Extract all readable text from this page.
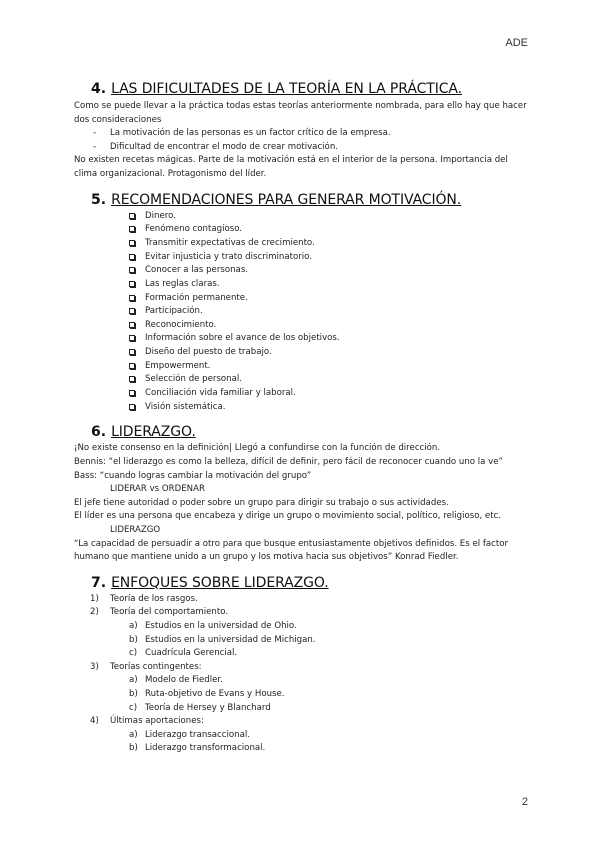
ADE
4. LAS DIFICULTADES DE LA TEORÍA EN LA PRÁCTICA.

Como se puede llevar a la práctica todas estas teorías anteriormente nombrada, para ello hay que hacer dos consideraciones

- La motivación de las personas es un factor crítico de la empresa.
- Dificultad de encontrar el modo de crear motivación.

No existen recetas mágicas. Parte de la motivación está en el interior de la persona. Importancia del clima organizacional. Protagonismo del líder.

5. RECOMENDACIONES PARA GENERAR MOTIVACIÓN.
Dinero.
Fenómeno contagioso.
Transmitir expectativas de crecimiento.
Evitar injusticia y trato discriminatorio.
Conocer a las personas.
Las reglas claras.
Formación permanente.
Participación.
Reconocimiento.
Información sobre el avance de los objetivos.
Diseño del puesto de trabajo.
Empowerment.
Selección de personal.
Conciliación vida familiar y laboral.
Visión sistemática.
6. LIDERAZGO.

¡No existe consenso en la definición| Llegó a confundirse con la función de dirección.

Bennis: “el liderazgo es como la belleza, difícil de definir, pero fácil de reconocer cuando uno la ve”

Bass: “cuando logras cambiar la motivación del grupo”

LIDERAR vs ORDENAR

El jefe tiene autoridad o poder sobre un grupo para dirigir su trabajo o sus actividades.

El líder es una persona que encabeza y dirige un grupo o movimiento social, político, religioso, etc.

LIDERAZGO

“La capacidad de persuadir a otro para que busque entusiastamente objetivos definidos. Es el factor humano que mantiene unido a un grupo y los motiva hacia sus objetivos” Konrad Fiedler.

7. ENFOQUES SOBRE LIDERAZGO.
1) Teoría de los rasgos.
2) Teoría del comportamiento.
a) Estudios en la universidad de Ohio.
b) Estudios en la universidad de Michigan.
c) Cuadrícula Gerencial.
3) Teorías contingentes:
a) Modelo de Fiedler.
b) Ruta-objetivo de Evans y House.
c) Teoría de Hersey y Blanchard
4) Últimas aportaciones:
a) Liderazgo transaccional.
b) Liderazgo transformacional.
2
